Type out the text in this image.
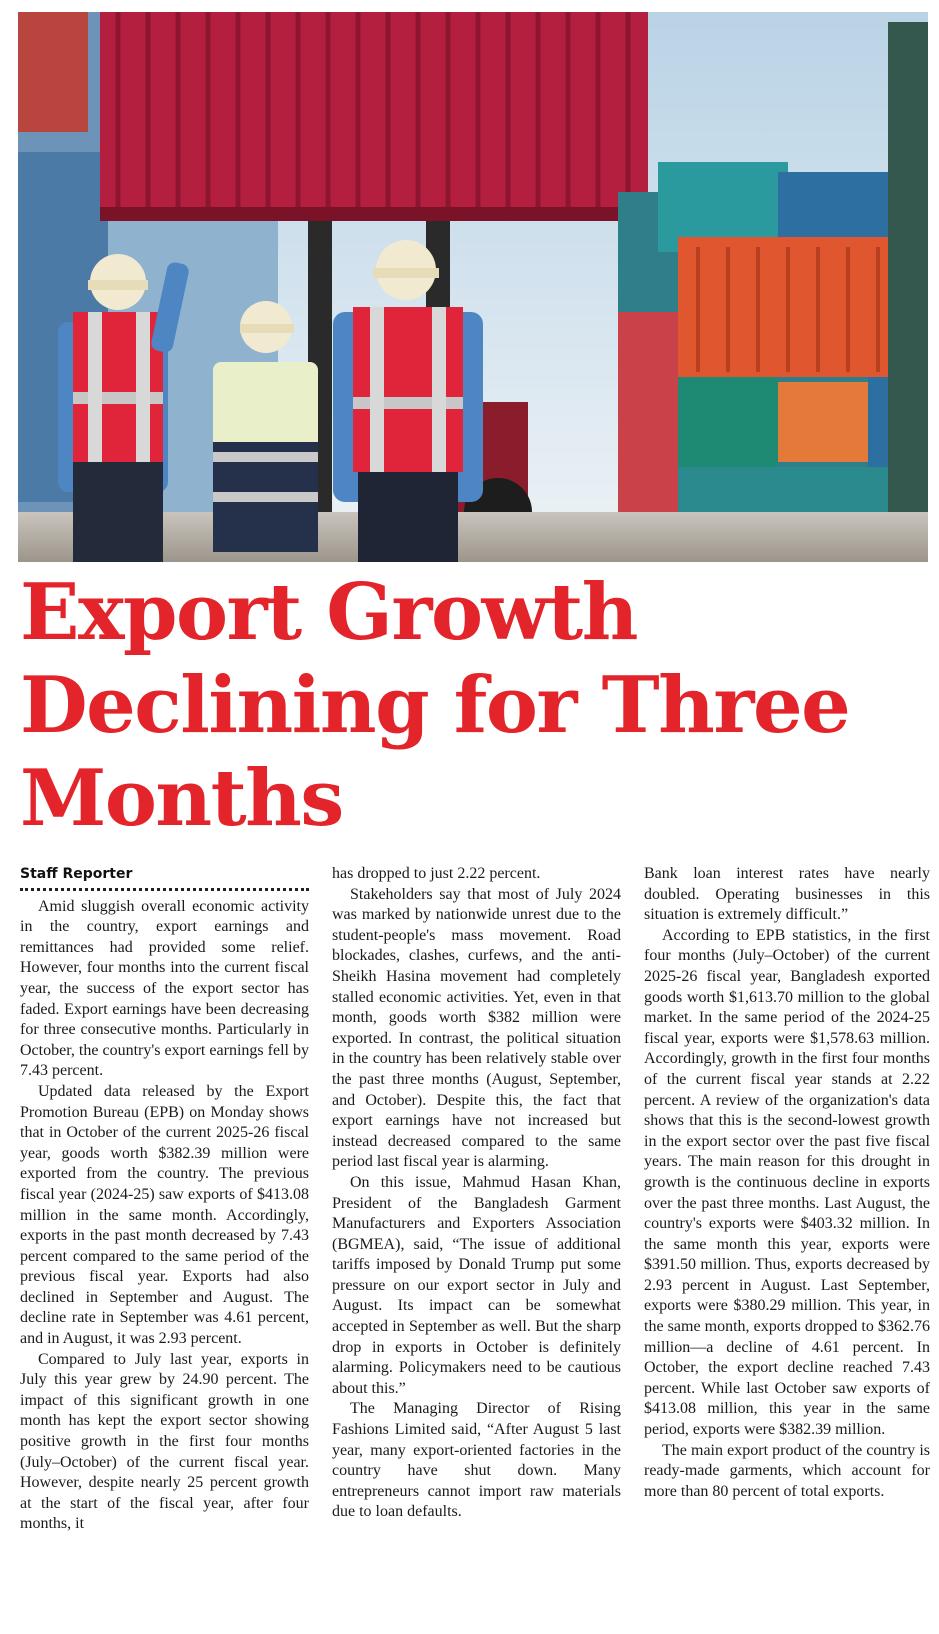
Export Growth Declining for Three Months
Staff Reporter

Amid sluggish overall economic activity in the country, export earnings and remittances had provided some relief. However, four months into the current fiscal year, the success of the export sector has faded. Export earnings have been decreasing for three consecutive months. Particularly in October, the country's export earnings fell by 7.43 percent.

Updated data released by the Export Promotion Bureau (EPB) on Monday shows that in October of the current 2025-26 fiscal year, goods worth $382.39 million were exported from the country. The previous fiscal year (2024-25) saw exports of $413.08 million in the same month. Accordingly, exports in the past month decreased by 7.43 percent compared to the same period of the previous fiscal year. Exports had also declined in September and August. The decline rate in September was 4.61 percent, and in August, it was 2.93 percent.

Compared to July last year, exports in July this year grew by 24.90 percent. The impact of this significant growth in one month has kept the export sector showing positive growth in the first four months (July–October) of the current fiscal year. However, despite nearly 25 percent growth at the start of the fiscal year, after four months, it

has dropped to just 2.22 percent.

Stakeholders say that most of July 2024 was marked by nationwide unrest due to the student-people's mass movement. Road blockades, clashes, curfews, and the anti-Sheikh Hasina movement had completely stalled economic activities. Yet, even in that month, goods worth $382 million were exported. In contrast, the political situation in the country has been relatively stable over the past three months (August, September, and October). Despite this, the fact that export earnings have not increased but instead decreased compared to the same period last fiscal year is alarming.

On this issue, Mahmud Hasan Khan, President of the Bangladesh Garment Manufacturers and Exporters Association (BGMEA), said, “The issue of additional tariffs imposed by Donald Trump put some pressure on our export sector in July and August. Its impact can be somewhat accepted in September as well. But the sharp drop in exports in October is definitely alarming. Policymakers need to be cautious about this.”

The Managing Director of Rising Fashions Limited said, “After August 5 last year, many export-oriented factories in the country have shut down. Many entrepreneurs cannot import raw materials due to loan defaults.

Bank loan interest rates have nearly doubled. Operating businesses in this situation is extremely difficult.”

According to EPB statistics, in the first four months (July–October) of the current 2025-26 fiscal year, Bangladesh exported goods worth $1,613.70 million to the global market. In the same period of the 2024-25 fiscal year, exports were $1,578.63 million. Accordingly, growth in the first four months of the current fiscal year stands at 2.22 percent. A review of the organization's data shows that this is the second-lowest growth in the export sector over the past five fiscal years. The main reason for this drought in growth is the continuous decline in exports over the past three months. Last August, the country's exports were $403.32 million. In the same month this year, exports were $391.50 million. Thus, exports decreased by 2.93 percent in August. Last September, exports were $380.29 million. This year, in the same month, exports dropped to $362.76 million—a decline of 4.61 percent. In October, the export decline reached 7.43 percent. While last October saw exports of $413.08 million, this year in the same period, exports were $382.39 million.

The main export product of the country is ready-made garments, which account for more than 80 percent of total exports.
